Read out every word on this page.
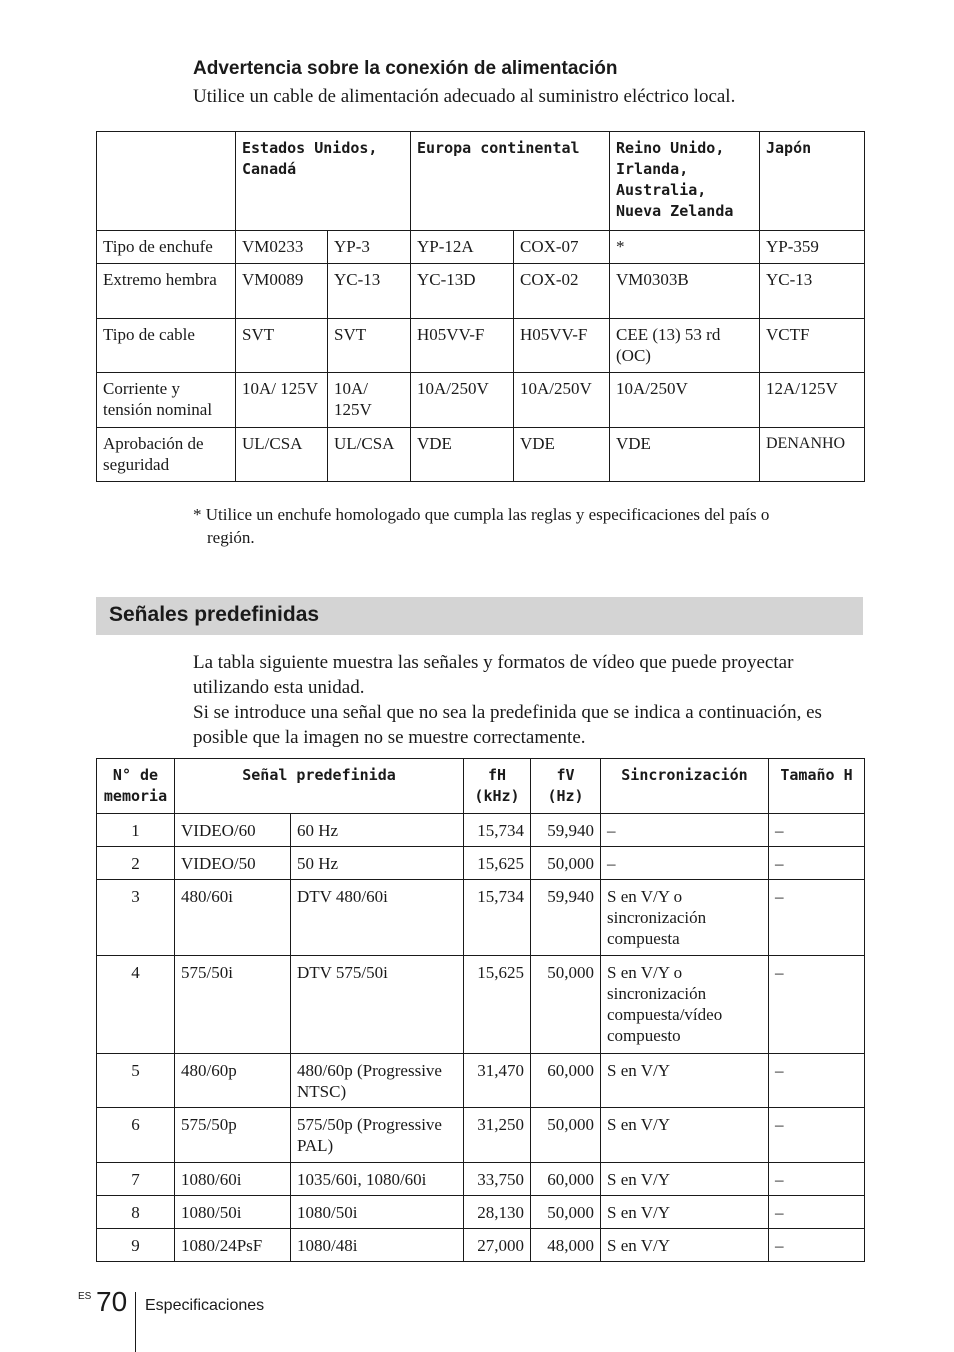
Advertencia sobre la conexión de alimentación
Utilice un cable de alimentación adecuado al suministro eléctrico local.
	Estados Unidos, Canadá		Europa continental		Reino Unido, Irlanda, Australia, Nueva Zelanda	Japón
Tipo de enchufe	VM0233	YP-3	YP-12A	COX-07	*	YP-359
Extremo hembra	VM0089	YC-13	YC-13D	COX-02	VM0303B	YC-13
Tipo de cable	SVT	SVT	H05VV-F	H05VV-F	CEE (13) 53 rd (OC)	VCTF
Corriente y tensión nominal	10A/ 125V	10A/ 125V	10A/250V	10A/250V	10A/250V	12A/125V
Aprobación de seguridad	UL/CSA	UL/CSA	VDE	VDE	VDE	DENANHO
* Utilice un enchufe homologado que cumpla las reglas y especificaciones del país o
región.
Señales predefinidas

La tabla siguiente muestra las señales y formatos de vídeo que puede proyectar utilizando esta unidad.

Si se introduce una señal que no sea la predefinida que se indica a continuación, es posible que la imagen no se muestre correctamente.

N° de memoria	Señal predefinida		fH (kHz)	fV (Hz)	Sincronización	Tamaño H
1	VIDEO/60	60 Hz	15,734	59,940	–	–
2	VIDEO/50	50 Hz	15,625	50,000	–	–
3	480/60i	DTV 480/60i	15,734	59,940	S en V/Y o sincronización compuesta	–
4	575/50i	DTV 575/50i	15,625	50,000	S en V/Y o sincronización compuesta/vídeo compuesto	–
5	480/60p	480/60p (Progressive NTSC)	31,470	60,000	S en V/Y	–
6	575/50p	575/50p (Progressive PAL)	31,250	50,000	S en V/Y	–
7	1080/60i	1035/60i, 1080/60i	33,750	60,000	S en V/Y	–
8	1080/50i	1080/50i	28,130	50,000	S en V/Y	–
9	1080/24PsF	1080/48i	27,000	48,000	S en V/Y	–
ES 70 Especificaciones
